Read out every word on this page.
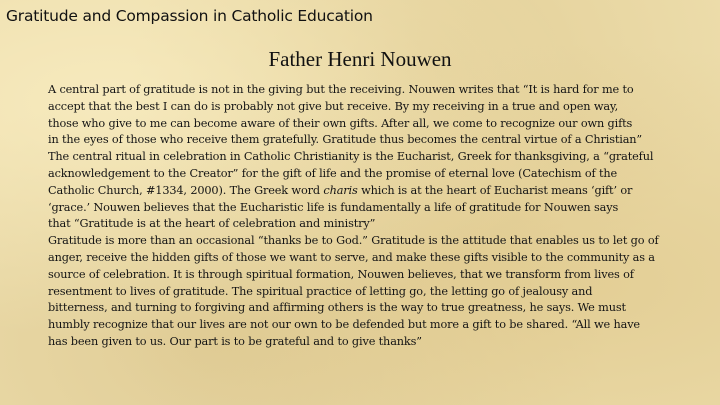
Gratitude and Compassion in Catholic Education
Father Henri Nouwen
A central part of gratitude is not in the giving but the receiving. Nouwen writes that “It is hard for me to
accept that the best I can do is probably not give but receive. By my receiving in a true and open way,
those who give to me can become aware of their own gifts. After all, we come to recognize our own gifts
in the eyes of those who receive them gratefully. Gratitude thus becomes the central virtue of a Christian”
The central ritual in celebration in Catholic Christianity is the Eucharist, Greek for thanksgiving, a “grateful
acknowledgement to the Creator” for the gift of life and the promise of eternal love (Catechism of the
Catholic Church, #1334, 2000). The Greek word charis which is at the heart of Eucharist means ‘gift’ or
‘grace.’ Nouwen believes that the Eucharistic life is fundamentally a life of gratitude for Nouwen says
that “Gratitude is at the heart of celebration and ministry”
Gratitude is more than an occasional “thanks be to God.” Gratitude is the attitude that enables us to let go of
anger, receive the hidden gifts of those we want to serve, and make these gifts visible to the community as a
source of celebration. It is through spiritual formation, Nouwen believes, that we transform from lives of
resentment to lives of gratitude. The spiritual practice of letting go, the letting go of jealousy and
bitterness, and turning to forgiving and affirming others is the way to true greatness, he says. We must
humbly recognize that our lives are not our own to be defended but more a gift to be shared. “All we have
has been given to us. Our part is to be grateful and to give thanks”
